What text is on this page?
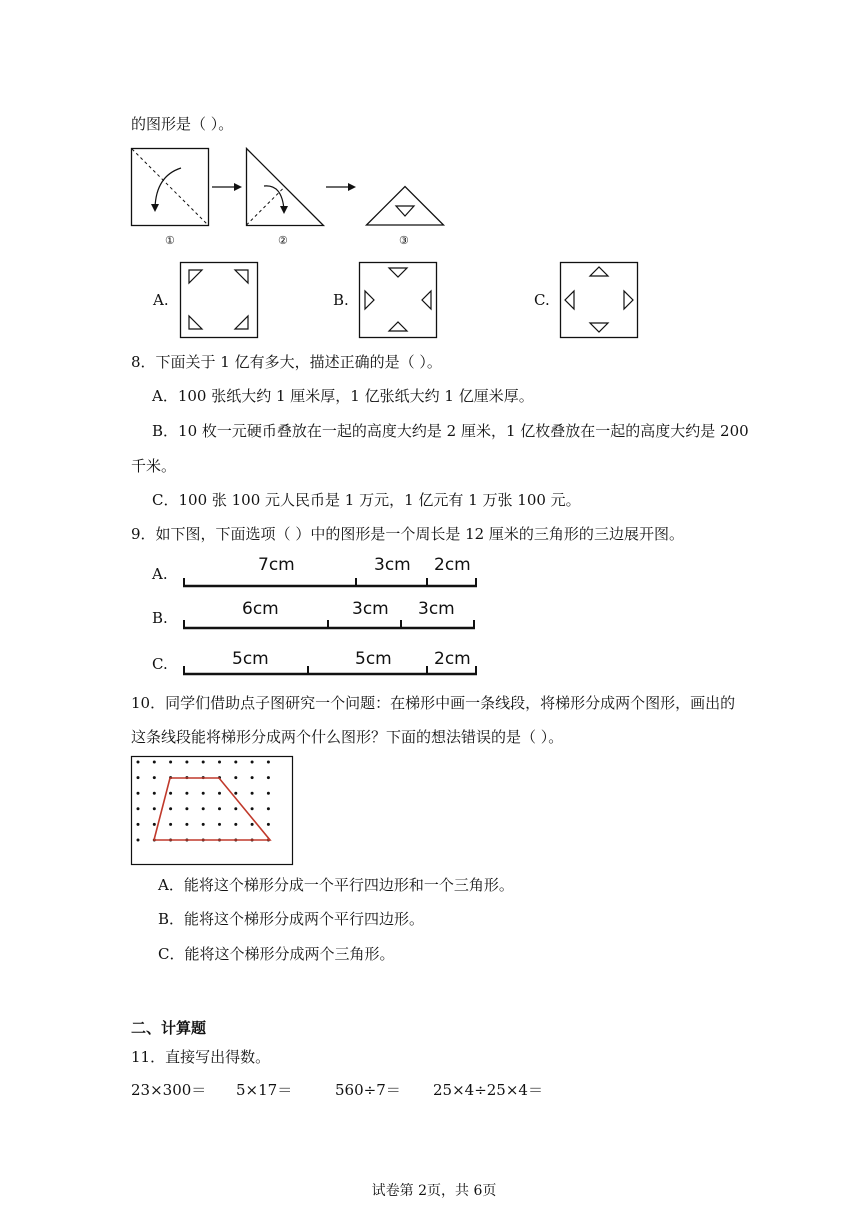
的图形是（ ）。
①	②	③
A.	B.	C.
8．下面关于 1 亿有多大，描述正确的是（ ）。
A．100 张纸大约 1 厘米厚，1 亿张纸大约 1 亿厘米厚。
B．10 枚一元硬币叠放在一起的高度大约是 2 厘米，1 亿枚叠放在一起的高度大约是 200
千米。
C．100 张 100 元人民币是 1 万元，1 亿元有 1 万张 100 元。
9．如下图，下面选项（ ）中的图形是一个周长是 12 厘米的三角形的三边展开图。
A.	7cm	3cm 2cm
B.	6cm	3cm 3cm
C.	5cm	5cm 2cm
10．同学们借助点子图研究一个问题：在梯形中画一条线段，将梯形分成两个图形，画出的
这条线段能将梯形分成两个什么图形？下面的想法错误的是（ ）。
A．能将这个梯形分成一个平行四边形和一个三角形。
B．能将这个梯形分成两个平行四边形。
C．能将这个梯形分成两个三角形。
二、计算题
11．直接写出得数。
23×300＝ 5×17＝	560÷7＝ 25×4÷25×4＝
试卷第 2页，共 6页
